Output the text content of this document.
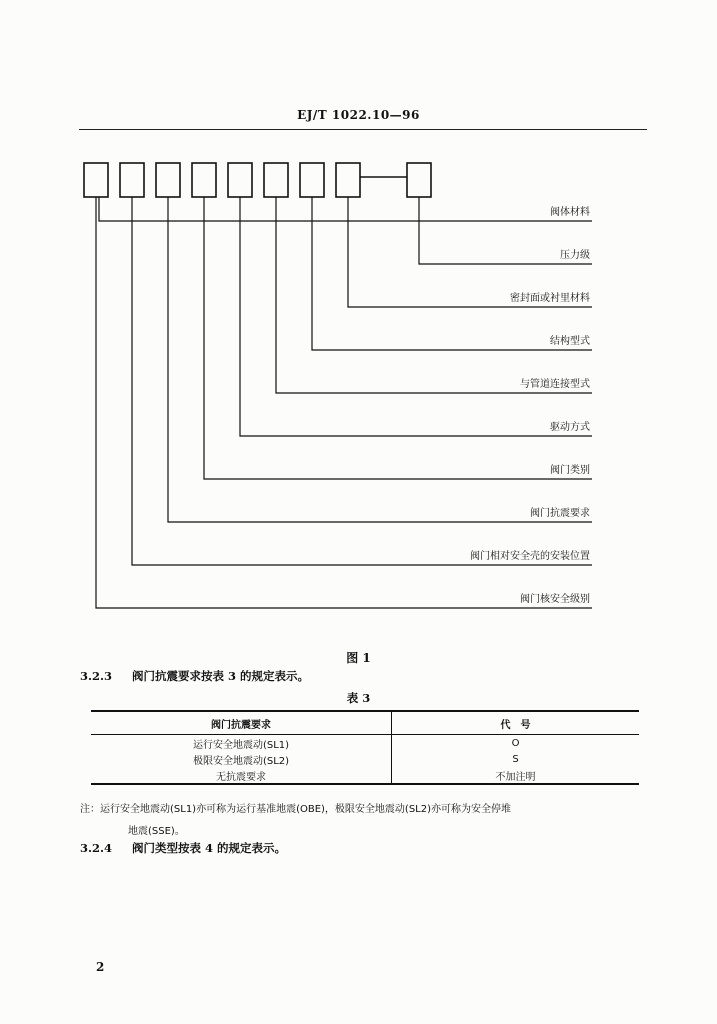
EJ/T 1022.10—96
阀体材料
压力级
密封面或衬里材料
结构型式
与管道连接型式
驱动方式
阀门类别
阀门抗震要求
阀门相对安全壳的安装位置
阀门核安全级别
图 1
3.2.3 阀门抗震要求按表 3 的规定表示。
表 3
阀门抗震要求	代　号
运行安全地震动(SL1)	O
极限安全地震动(SL2)	S
无抗震要求	不加注明
注：运行安全地震动(SL1)亦可称为运行基准地震(OBE)，极限安全地震动(SL2)亦可称为安全停堆
地震(SSE)。
3.2.4 阀门类型按表 4 的规定表示。
2
